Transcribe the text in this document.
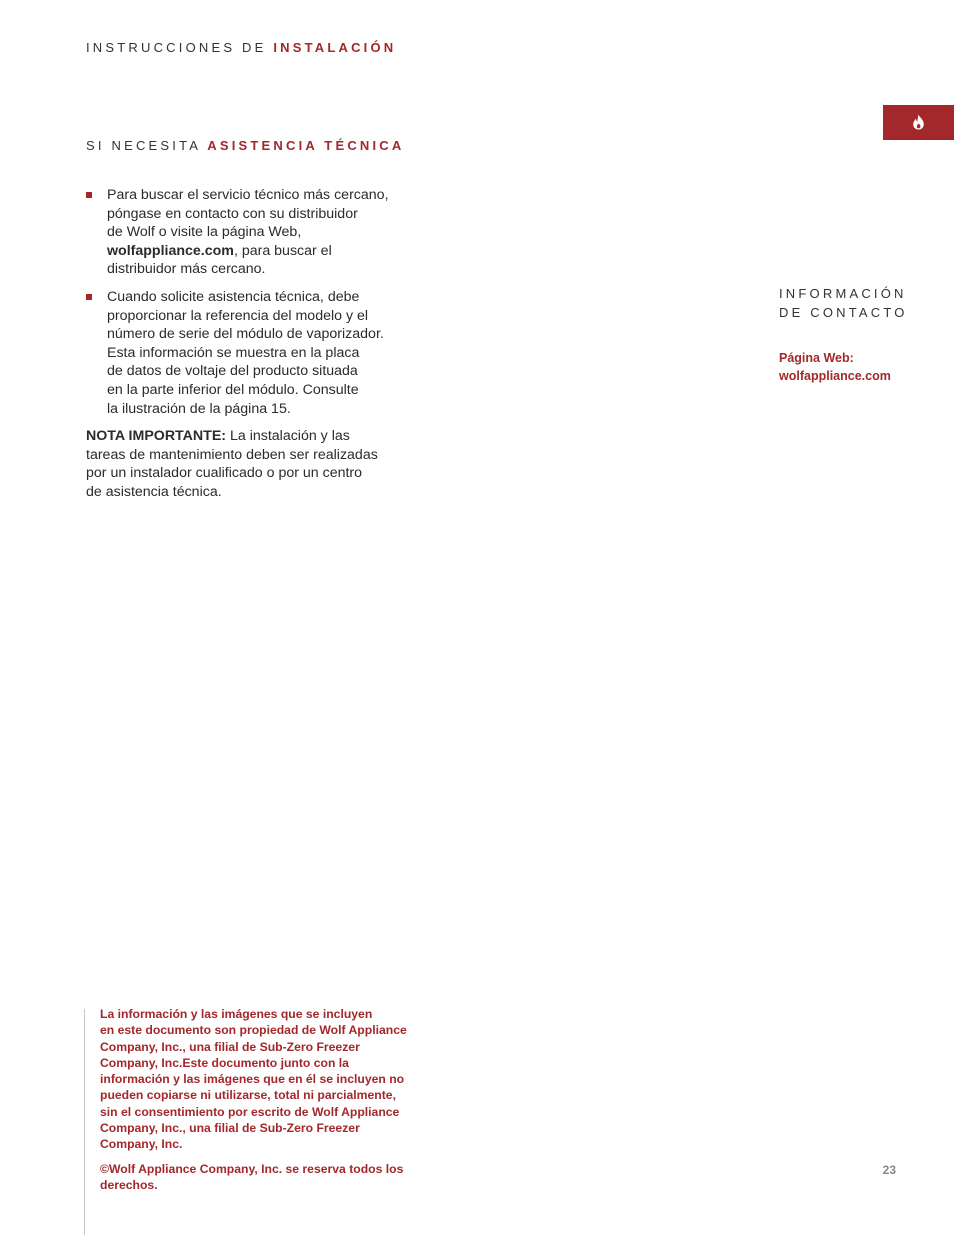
INSTRUCCIONES DE INSTALACIÓN
SI NECESITA ASISTENCIA TÉCNICA
Para buscar el servicio técnico más cercano,
póngase en contacto con su distribuidor
de Wolf o visite la página Web,
wolfappliance.com, para buscar el
distribuidor más cercano.
Cuando solicite asistencia técnica, debe
proporcionar la referencia del modelo y el
número de serie del módulo de vaporizador.
Esta información se muestra en la placa
de datos de voltaje del producto situada
en la parte inferior del módulo. Consulte
la ilustración de la página 15.
NOTA IMPORTANTE: La instalación y las
tareas de mantenimiento deben ser realizadas
por un instalador cualificado o por un centro
de asistencia técnica.
INFORMACIÓN
DE CONTACTO
Página Web:
wolfappliance.com
La información y las imágenes que se incluyen
en este documento son propiedad de Wolf Appliance
Company, Inc., una filial de Sub-Zero Freezer
Company, Inc.Este documento junto con la
información y las imágenes que en él se incluyen no
pueden copiarse ni utilizarse, total ni parcialmente,
sin el consentimiento por escrito de Wolf Appliance
Company, Inc., una filial de Sub-Zero Freezer
Company, Inc.
©Wolf Appliance Company, Inc. se reserva todos los
derechos.
23
